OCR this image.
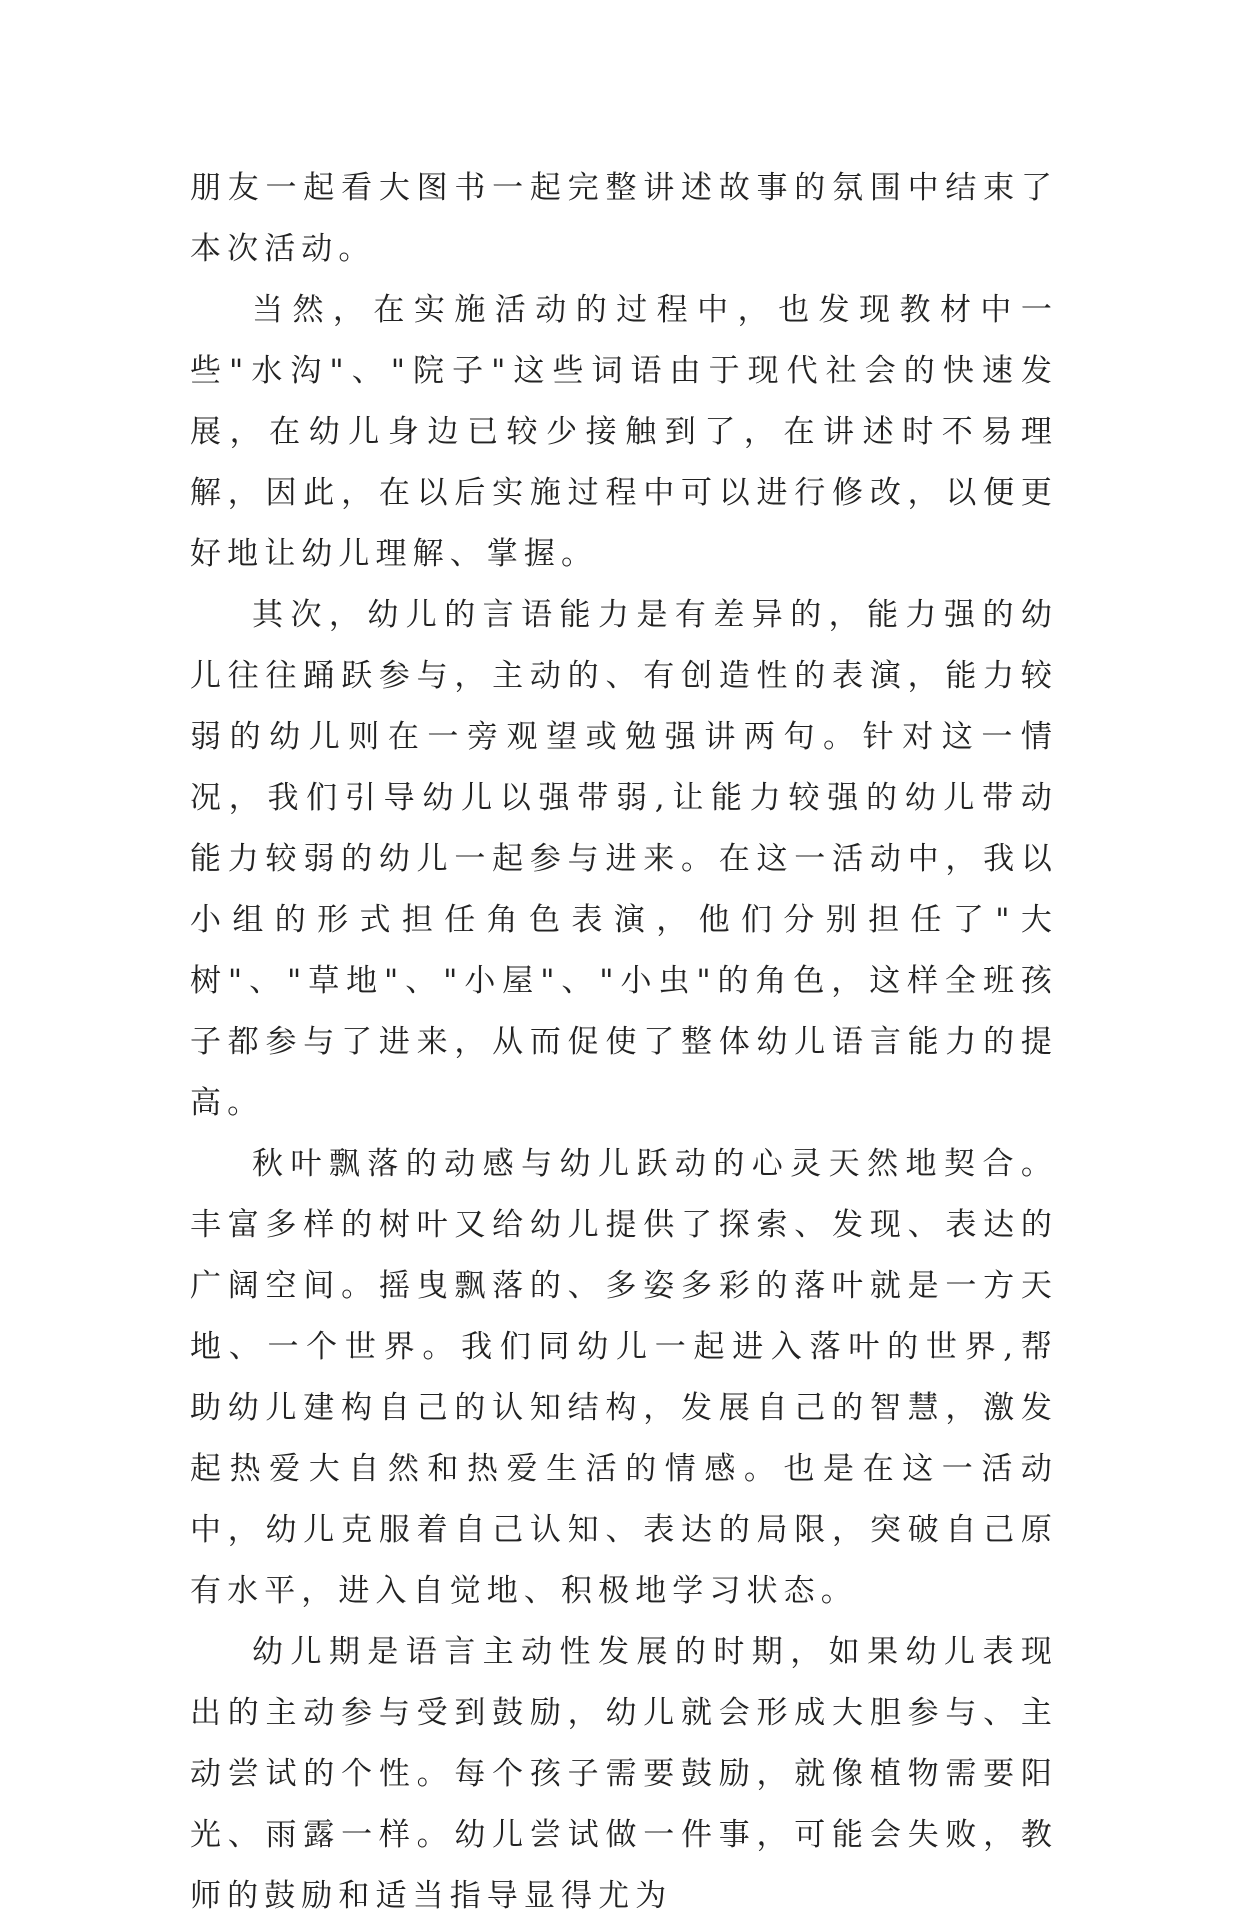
朋友一起看大图书一起完整讲述故事的氛围中结束了本次活动。

当然，在实施活动的过程中，也发现教材中一些"水沟"、"院子"这些词语由于现代社会的快速发展，在幼儿身边已较少接触到了，在讲述时不易理解，因此，在以后实施过程中可以进行修改，以便更好地让幼儿理解、掌握。

其次，幼儿的言语能力是有差异的，能力强的幼儿往往踊跃参与，主动的、有创造性的表演，能力较弱的幼儿则在一旁观望或勉强讲两句。针对这一情况，我们引导幼儿以强带弱,让能力较强的幼儿带动能力较弱的幼儿一起参与进来。在这一活动中，我以小组的形式担任角色表演，他们分别担任了"大树"、"草地"、"小屋"、"小虫"的角色，这样全班孩子都参与了进来，从而促使了整体幼儿语言能力的提高。

秋叶飘落的动感与幼儿跃动的心灵天然地契合。丰富多样的树叶又给幼儿提供了探索、发现、表达的广阔空间。摇曳飘落的、多姿多彩的落叶就是一方天地、一个世界。我们同幼儿一起进入落叶的世界,帮助幼儿建构自己的认知结构，发展自己的智慧，激发起热爱大自然和热爱生活的情感。也是在这一活动中，幼儿克服着自己认知、表达的局限，突破自己原有水平，进入自觉地、积极地学习状态。

幼儿期是语言主动性发展的时期，如果幼儿表现出的主动参与受到鼓励，幼儿就会形成大胆参与、主动尝试的个性。每个孩子需要鼓励，就像植物需要阳光、雨露一样。幼儿尝试做一件事，可能会失败，教师的鼓励和适当指导显得尤为
